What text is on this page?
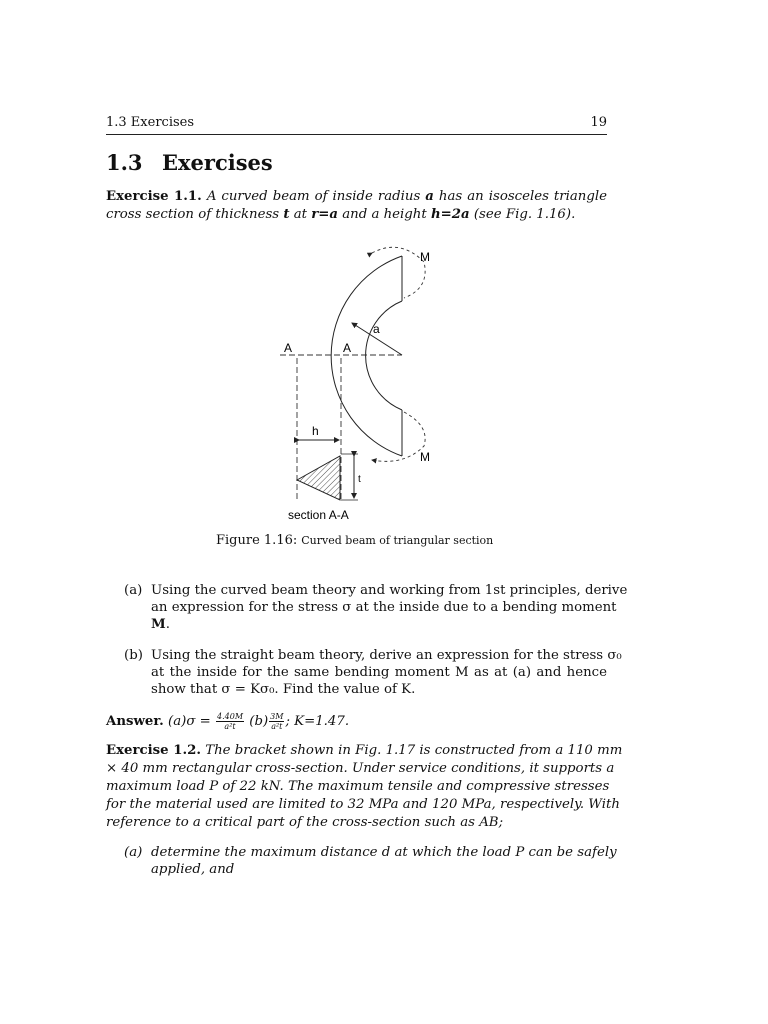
1.3 Exercises	19
1.3 Exercises
Exercise 1.1. A curved beam of inside radius a has an isosceles triangle
cross section of thickness t at r=a and a height h=2a (see Fig. 1.16).
M
M
a
A	A
h
t
section A-A
Figure 1.16: Curved beam of triangular section
(a) Using the curved beam theory and working from 1st principles, derive
an expression for the stress σ at the inside due to a bending moment
M.
(b) Using the straight beam theory, derive an expression for the stress σ₀
at the inside for the same bending moment M as at (a) and hence
show that σ = Kσ₀. Find the value of K.
Answer. $(a)\sigma = \frac{4.40M}{\text{a²t}} (b) \frac{3M}{\text{a²t}}$ ; K=1.47.
Exercise 1.2. The bracket shown in Fig. 1.17 is constructed from a 110 mm
× 40 mm rectangular cross-section. Under service conditions, it supports a
maximum load P of 22 kN. The maximum tensile and compressive stresses
for the material used are limited to 32 MPa and 120 MPa, respectively. With
reference to a critical part of the cross-section such as AB;
(a) determine the maximum distance d at which the load P can be safely
applied, and
